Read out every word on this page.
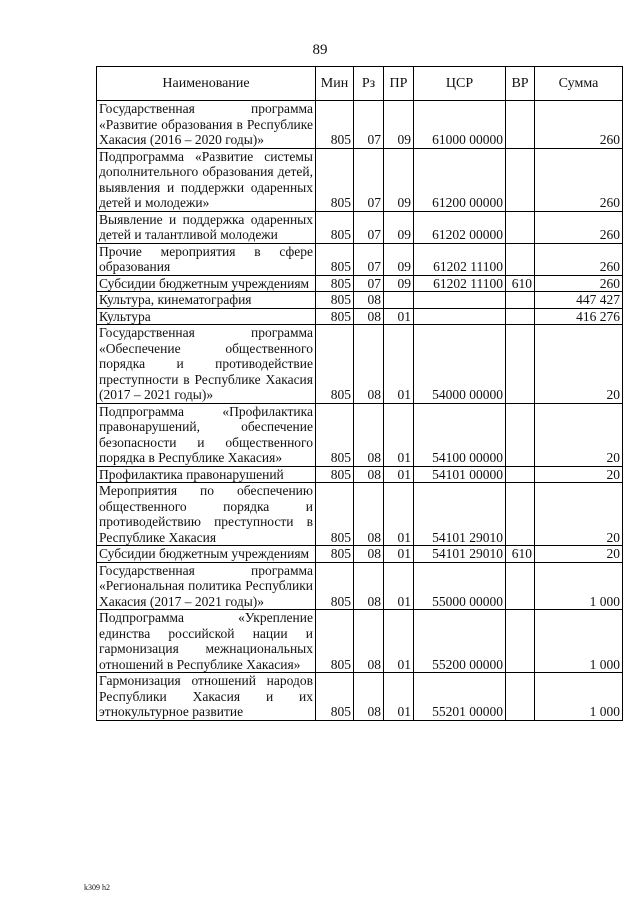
89
Наименование	Мин	Рз	ПР	ЦСР	ВР	Сумма
Государственная программа «Развитие образования в Республике Хакасия (2016 – 2020 годы)»	805	07	09	61000 00000		260
Подпрограмма «Развитие системы дополнительного образования детей, выявления и поддержки одаренных детей и молодежи»	805	07	09	61200 00000		260
Выявление и поддержка одаренных детей и талантливой молодежи	805	07	09	61202 00000		260
Прочие мероприятия в сфере образования	805	07	09	61202 11100		260
Субсидии бюджетным учреждениям	805	07	09	61202 11100	610	260
Культура, кинематография	805	08				447 427
Культура	805	08	01			416 276
Государственная программа «Обеспечение общественного порядка и противодействие преступности в Республике Хакасия (2017 – 2021 годы)»	805	08	01	54000 00000		20
Подпрограмма «Профилактика правонарушений, обеспечение безопасности и общественного порядка в Республике Хакасия»	805	08	01	54100 00000		20
Профилактика правонарушений	805	08	01	54101 00000		20
Мероприятия по обеспечению общественного порядка и противодействию преступности в Республике Хакасия	805	08	01	54101 29010		20
Субсидии бюджетным учреждениям	805	08	01	54101 29010	610	20
Государственная программа «Региональная политика Республики Хакасия (2017 – 2021 годы)»	805	08	01	55000 00000		1 000
Подпрограмма «Укрепление единства российской нации и гармонизация межнациональных отношений в Республике Хакасия»	805	08	01	55200 00000		1 000
Гармонизация отношений народов Республики Хакасия и их этнокультурное развитие	805	08	01	55201 00000		1 000
k309 h2
